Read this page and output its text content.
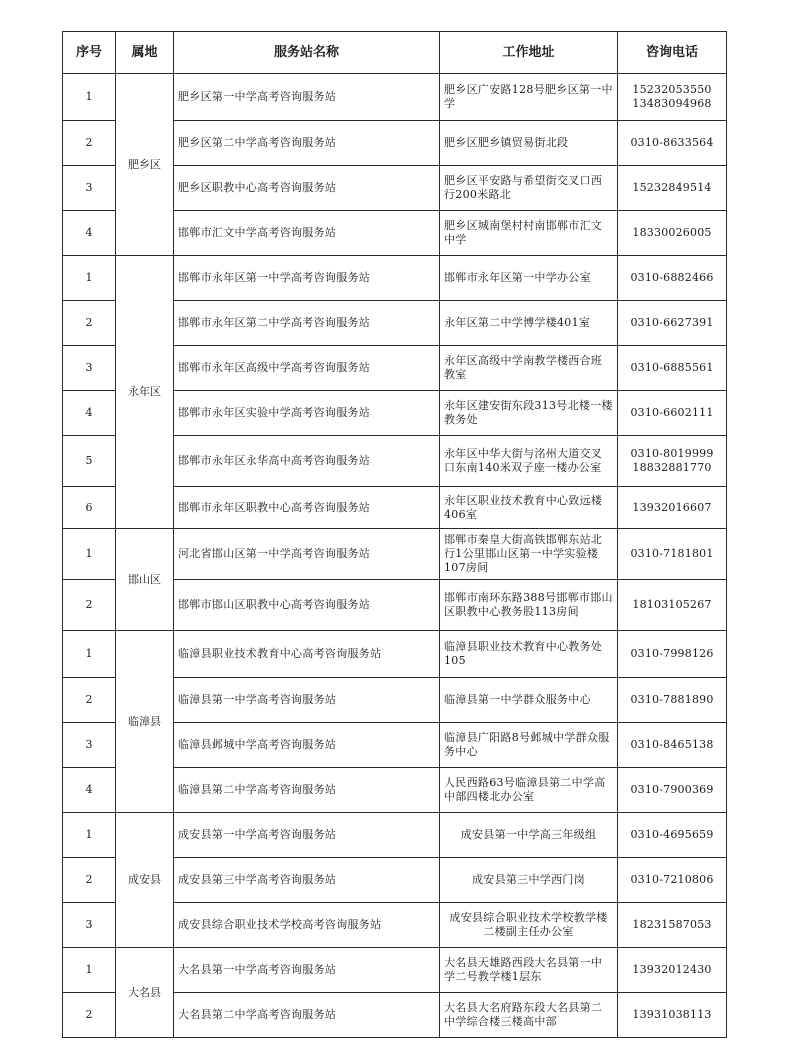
序号	属地	服务站名称	工作地址	咨询电话
1	肥乡区	肥乡区第一中学高考咨询服务站	肥乡区广安路128号肥乡区第一中学	15232053550
13483094968

2		肥乡区第二中学高考咨询服务站	肥乡区肥乡镇贸易街北段	0310-8633564

3		肥乡区职教中心高考咨询服务站	肥乡区平安路与希望街交叉口西行200米路北	15232849514

4		邯郸市汇文中学高考咨询服务站	肥乡区城南堡村村南邯郸市汇文中学	18330026005

1	永年区	邯郸市永年区第一中学高考咨询服务站	邯郸市永年区第一中学办公室	0310-6882466

2		邯郸市永年区第二中学高考咨询服务站	永年区第二中学博学楼401室	0310-6627391

3		邯郸市永年区高级中学高考咨询服务站	永年区高级中学南教学楼西合班教室	0310-6885561

4		邯郸市永年区实验中学高考咨询服务站	永年区建安街东段313号北楼一楼教务处	0310-6602111

5		邯郸市永年区永华高中高考咨询服务站	永年区中华大街与洺州大道交叉口东南140米双子座一楼办公室	0310-8019999
18832881770

6		邯郸市永年区职教中心高考咨询服务站	永年区职业技术教育中心致远楼406室	13932016607

1	邯山区	河北省邯山区第一中学高考咨询服务站	邯郸市秦皇大街高铁邯郸东站北行1公里邯山区第一中学实验楼107房间	0310-7181801

2		邯郸市邯山区职教中心高考咨询服务站	邯郸市南环东路388号邯郸市邯山区职教中心教务股113房间	18103105267

1	临漳县	临漳县职业技术教育中心高考咨询服务站	临漳县职业技术教育中心教务处105	0310-7998126

2		临漳县第一中学高考咨询服务站	临漳县第一中学群众服务中心	0310-7881890

3		临漳县邺城中学高考咨询服务站	临漳县广阳路8号邺城中学群众服务中心	0310-8465138

4		临漳县第二中学高考咨询服务站	人民西路63号临漳县第二中学高中部四楼北办公室	0310-7900369

1	成安县	成安县第一中学高考咨询服务站	成安县第一中学高三年级组	0310-4695659

2		成安县第三中学高考咨询服务站	成安县第三中学西门岗	0310-7210806

3		成安县综合职业技术学校高考咨询服务站	成安县综合职业技术学校教学楼二楼副主任办公室	18231587053

1	大名县	大名县第一中学高考咨询服务站	大名县天雄路西段大名县第一中学二号教学楼1层东	13932012430

2		大名县第二中学高考咨询服务站	大名县大名府路东段大名县第二中学综合楼三楼高中部	13931038113
